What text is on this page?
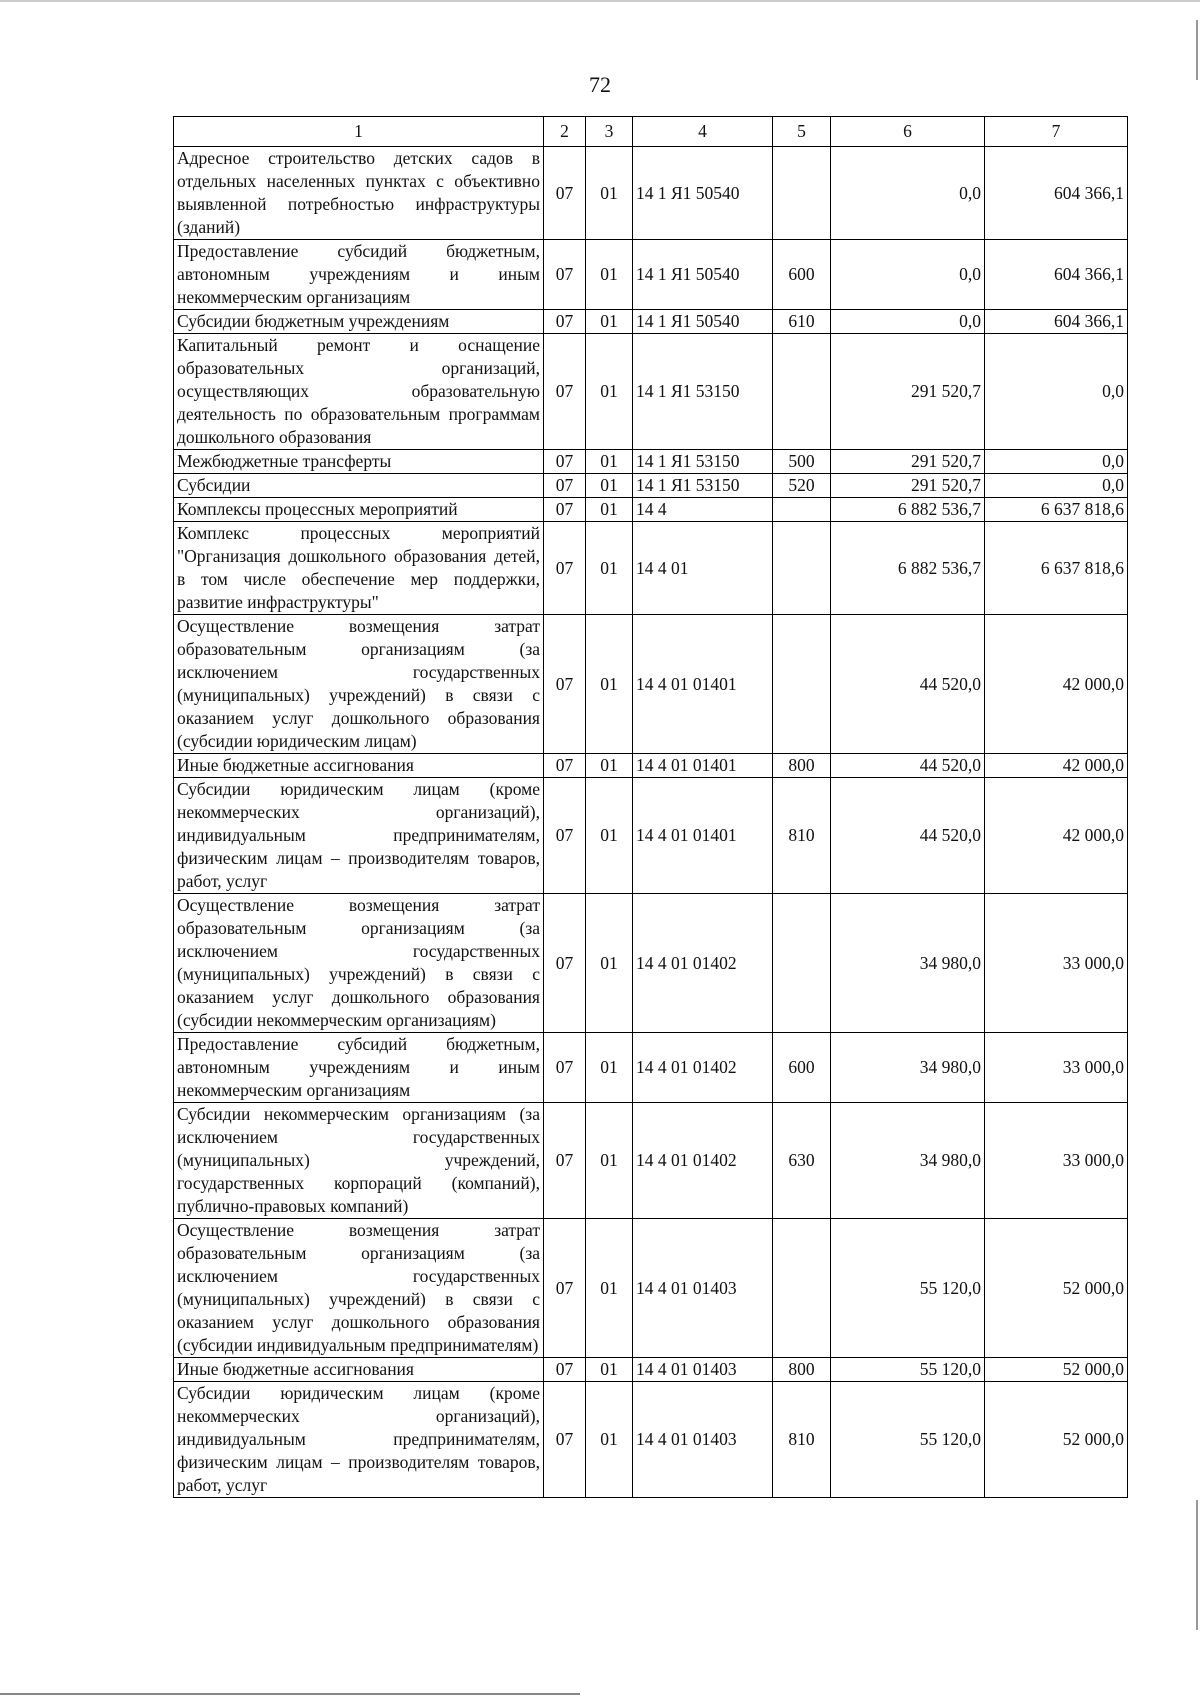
72
1	2	3	4	5	6	7
Адресное строительство детских садов в отдельных населенных пунктах с объективно выявленной потребностью инфраструктуры (зданий)	07	01	14 1 Я1 50540		0,0	604 366,1
Предоставление субсидий бюджетным, автономным учреждениям и иным некоммерческим организациям	07	01	14 1 Я1 50540	600	0,0	604 366,1
Субсидии бюджетным учреждениям	07	01	14 1 Я1 50540	610	0,0	604 366,1
Капитальный ремонт и оснащение образовательных организаций, осуществляющих образовательную деятельность по образовательным программам дошкольного образования	07	01	14 1 Я1 53150		291 520,7	0,0
Межбюджетные трансферты	07	01	14 1 Я1 53150	500	291 520,7	0,0
Субсидии	07	01	14 1 Я1 53150	520	291 520,7	0,0
Комплексы процессных мероприятий	07	01	14 4		6 882 536,7	6 637 818,6
Комплекс процессных мероприятий "Организация дошкольного образования детей, в том числе обеспечение мер поддержки, развитие инфраструктуры"	07	01	14 4 01		6 882 536,7	6 637 818,6
Осуществление возмещения затрат образовательным организациям (за исключением государственных (муниципальных) учреждений) в связи с оказанием услуг дошкольного образования (субсидии юридическим лицам)	07	01	14 4 01 01401		44 520,0	42 000,0
Иные бюджетные ассигнования	07	01	14 4 01 01401	800	44 520,0	42 000,0
Субсидии юридическим лицам (кроме некоммерческих организаций), индивидуальным предпринимателям, физическим лицам – производителям товаров, работ, услуг	07	01	14 4 01 01401	810	44 520,0	42 000,0
Осуществление возмещения затрат образовательным организациям (за исключением государственных (муниципальных) учреждений) в связи с оказанием услуг дошкольного образования (субсидии некоммерческим организациям)	07	01	14 4 01 01402		34 980,0	33 000,0
Предоставление субсидий бюджетным, автономным учреждениям и иным некоммерческим организациям	07	01	14 4 01 01402	600	34 980,0	33 000,0
Субсидии некоммерческим организациям (за исключением государственных (муниципальных) учреждений, государственных корпораций (компаний), публично-правовых компаний)	07	01	14 4 01 01402	630	34 980,0	33 000,0
Осуществление возмещения затрат образовательным организациям (за исключением государственных (муниципальных) учреждений) в связи с оказанием услуг дошкольного образования (субсидии индивидуальным предпринимателям)	07	01	14 4 01 01403		55 120,0	52 000,0
Иные бюджетные ассигнования	07	01	14 4 01 01403	800	55 120,0	52 000,0
Субсидии юридическим лицам (кроме некоммерческих организаций), индивидуальным предпринимателям, физическим лицам – производителям товаров, работ, услуг	07	01	14 4 01 01403	810	55 120,0	52 000,0
